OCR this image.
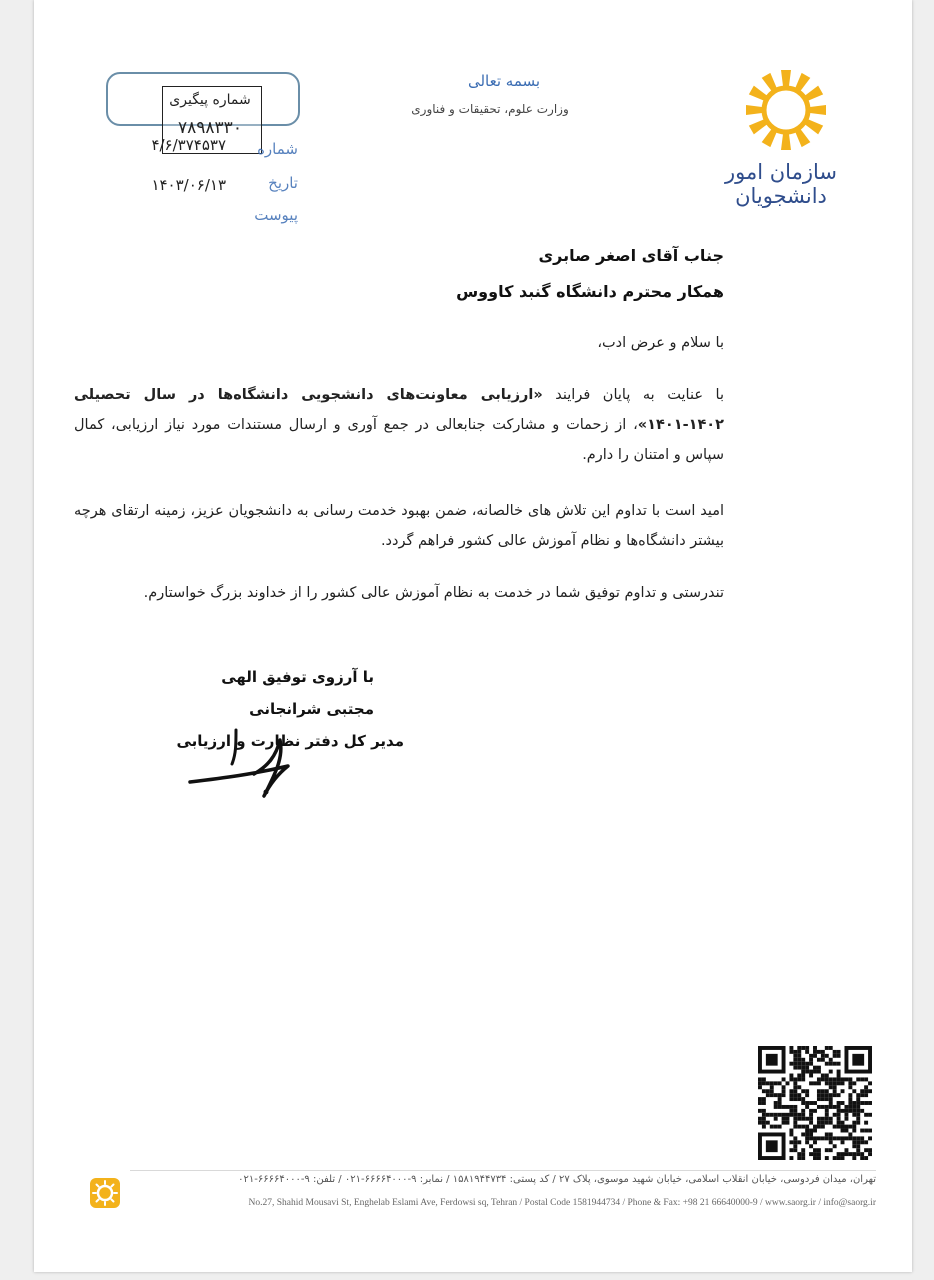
سازمان امور
دانشجویان
بسمه تعالی
وزارت علوم، تحقیقات و فناوری
شماره پیگیری
۷۸۹۸۳۳۰
شماره
۴/۶/۳۷۴۵۳۷
تاریخ
۱۴۰۳/۰۶/۱۳
پیوست
جناب آقای اصغر صابری
همکار محترم دانشگاه گنبد کاووس
با سلام و عرض ادب،
با عنایت به پایان فرایند «ارزیابی معاونت‌های دانشجویی دانشگاه‌ها در سال تحصیلی ۱۴۰۲-۱۴۰۱»، از زحمات و مشارکت جنابعالی در جمع آوری و ارسال مستندات مورد نیاز ارزیابی، کمال سپاس و امتنان را دارم.
امید است با تداوم این تلاش های خالصانه، ضمن بهبود خدمت رسانی به دانشجویان عزیز، زمینه ارتقای هرچه بیشتر دانشگاه‌ها و نظام آموزش عالی کشور فراهم گردد.
تندرستی و تداوم توفیق شما در خدمت به نظام آموزش عالی کشور را از خداوند بزرگ خواستارم.
با آرزوی توفیق الهی
مجتبی شرانجانی
مدیر کل دفتر نظارت و ارزیابی
تهران، میدان فردوسی، خیابان انقلاب اسلامی، خیابان شهید موسوی، پلاک ۲۷ / کد پستی: ۱۵۸۱۹۴۴۷۳۴ / نمابر: ۹-۶۶۶۶۴۰۰۰-۰۲۱ / تلفن: ۹-۶۶۶۶۴۰۰۰-۰۲۱
No.27, Shahid Mousavi St, Enghelab Eslami Ave, Ferdowsi sq, Tehran / Postal Code 1581944734 / Phone & Fax: +98 21 66640000-9 / www.saorg.ir / info@saorg.ir
